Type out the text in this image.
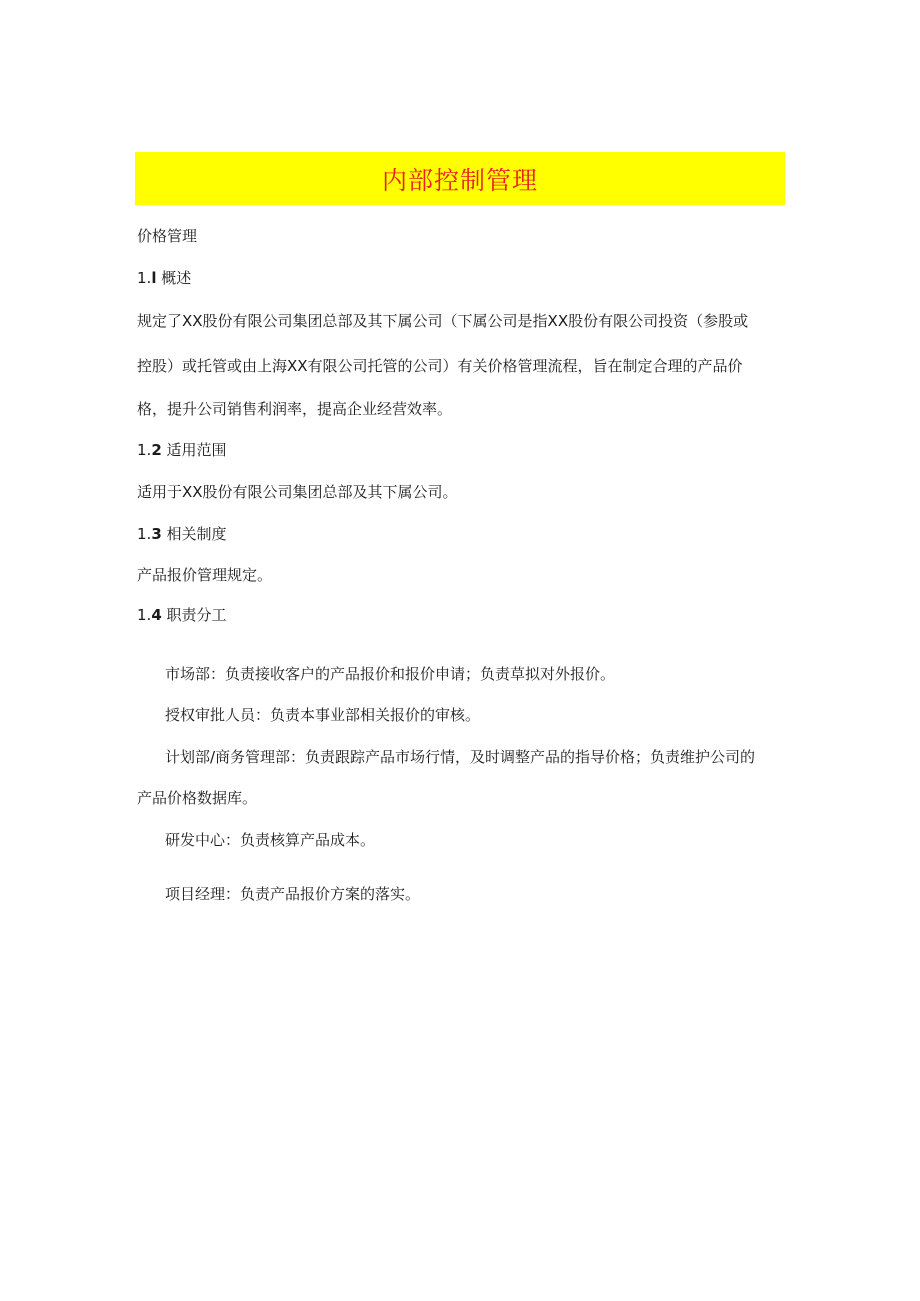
内部控制管理
价格管理
1.l 概述
规定了XX股份有限公司集团总部及其下属公司（下属公司是指XX股份有限公司投资（参股或
控股）或托管或由上海XX有限公司托管的公司）有关价格管理流程，旨在制定合理的产品价
格，提升公司销售利润率，提高企业经营效率。
1.2 适用范围
适用于XX股份有限公司集团总部及其下属公司。
1.3 相关制度
产品报价管理规定。
1.4 职责分工
市场部：负责接收客户的产品报价和报价申请；负责草拟对外报价。
授权审批人员：负责本事业部相关报价的审核。
计划部/商务管理部：负责跟踪产品市场行情，及时调整产品的指导价格；负责维护公司的
产品价格数据库。
研发中心：负责核算产品成本。
项目经理：负责产品报价方案的落实。
